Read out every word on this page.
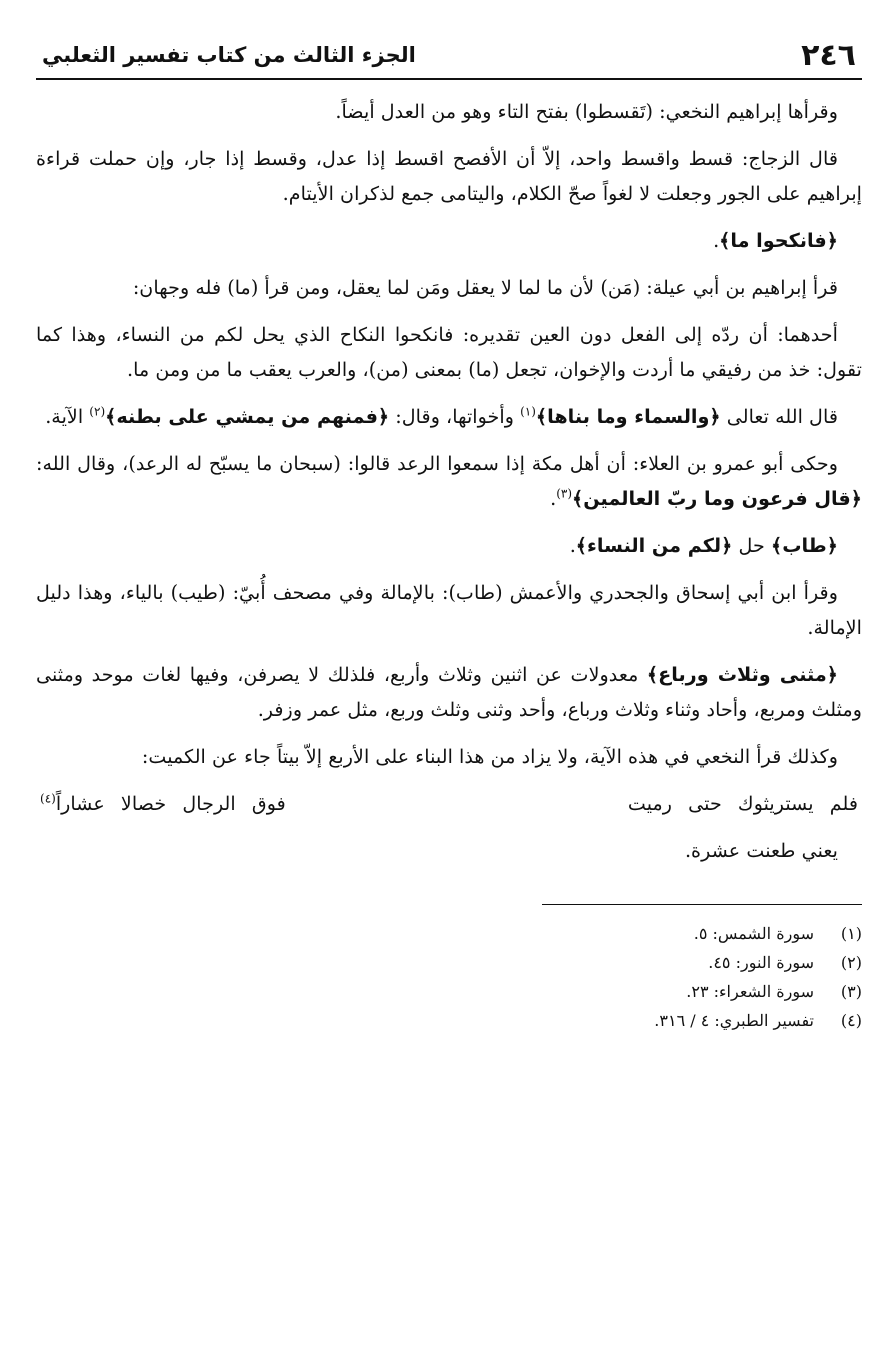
٢٤٦
الجزء الثالث من كتاب تفسير الثعلبي

وقرأها إبراهيم النخعي: (تَقسطوا) بفتح التاء وهو من العدل أيضاً.

قال الزجاج: قسط واقسط واحد، إلاّ أن الأفصح اقسط إذا عدل، وقسط إذا جار، وإن حملت قراءة إبراهيم على الجور وجعلت لا لغواً صحّ الكلام، واليتامى جمع لذكران الأيتام.

﴿فانكحوا ما﴾.

قرأ إبراهيم بن أبي عيلة: (مَن) لأن ما لما لا يعقل ومَن لما يعقل، ومن قرأ (ما) فله وجهان:

أحدهما: أن ردّه إلى الفعل دون العين تقديره: فانكحوا النكاح الذي يحل لكم من النساء، وهذا كما تقول: خذ من رفيقي ما أردت والإخوان، تجعل (ما) بمعنى (من)، والعرب يعقب ما من ومن ما.

قال الله تعالى ﴿والسماء وما بناها﴾$^{(١)}$ وأخواتها، وقال: ﴿فمنهم من يمشي على بطنه﴾$^{(٢)}$ الآية.

وحكى أبو عمرو بن العلاء: أن أهل مكة إذا سمعوا الرعد قالوا: (سبحان ما يسبّح له الرعد)، وقال الله: ﴿قال فرعون وما ربّ العالمين﴾$^{(٣)}$.

﴿طاب﴾ حل ﴿لكم من النساء﴾.

وقرأ ابن أبي إسحاق والجحدري والأعمش (طاب): بالإمالة وفي مصحف أُبيّ: (طيب) بالياء، وهذا دليل الإمالة.

﴿مثنى وثلاث ورباع﴾ معدولات عن اثنين وثلاث وأربع، فلذلك لا يصرفن، وفيها لغات موحد ومثنى ومثلث ومربع، وأحاد وثناء وثلاث ورباع، وأحد وثنى وثلث وربع، مثل عمر وزفر.

وكذلك قرأ النخعي في هذه الآية، ولا يزاد من هذا البناء على الأربع إلاّ بيتاً جاء عن الكميت:

فلم يستريثوك حتى رميت
فوق الرجال خصالا عشاراً$^{(٤)}$

يعني طعنت عشرة.

(١)
سورة الشمس: ٥.
(٢)
سورة النور: ٤٥.
(٣)
سورة الشعراء: ٢٣.
(٤)
تفسير الطبري: ٤ / ٣١٦.
